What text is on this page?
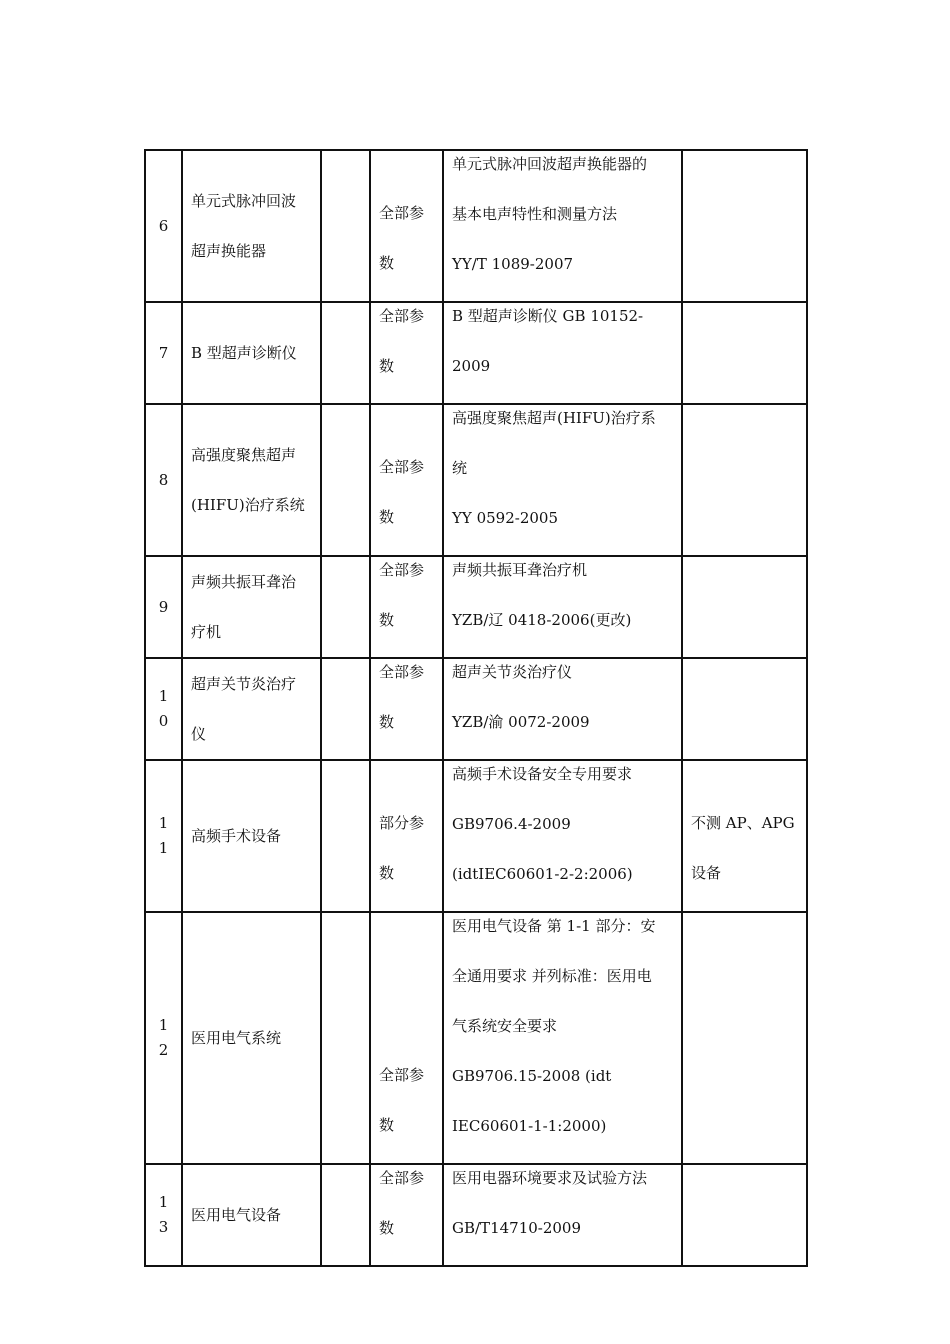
6	单元式脉冲回波
超声换能器		全部参
数	单元式脉冲回波超声换能器的
基本电声特性和测量方法
YY/T 1089-2007	

7	B 型超声诊断仪		全部参
数	B 型超声诊断仪 GB 10152-
2009	

8	高强度聚焦超声
(HIFU)治疗系统		全部参
数	高强度聚焦超声(HIFU)治疗系
统
YY 0592-2005	

9	声频共振耳聋治
疗机		全部参
数	声频共振耳聋治疗机
YZB/辽 0418-2006(更改)	

10	超声关节炎治疗
仪		全部参
数	超声关节炎治疗仪
YZB/渝 0072-2009	

11	高频手术设备		部分参
数	高频手术设备安全专用要求
GB9706.4-2009
(idtIEC60601-2-2:2006)	不测 AP、APG
设备

12	医用电气系统		全部参
数	医用电气设备 第 1-1 部分：安
全通用要求 并列标准：医用电
气系统安全要求
GB9706.15-2008 (idt
IEC60601-1-1:2000)	

13	医用电气设备		全部参
数	医用电器环境要求及试验方法
GB/T14710-2009	
